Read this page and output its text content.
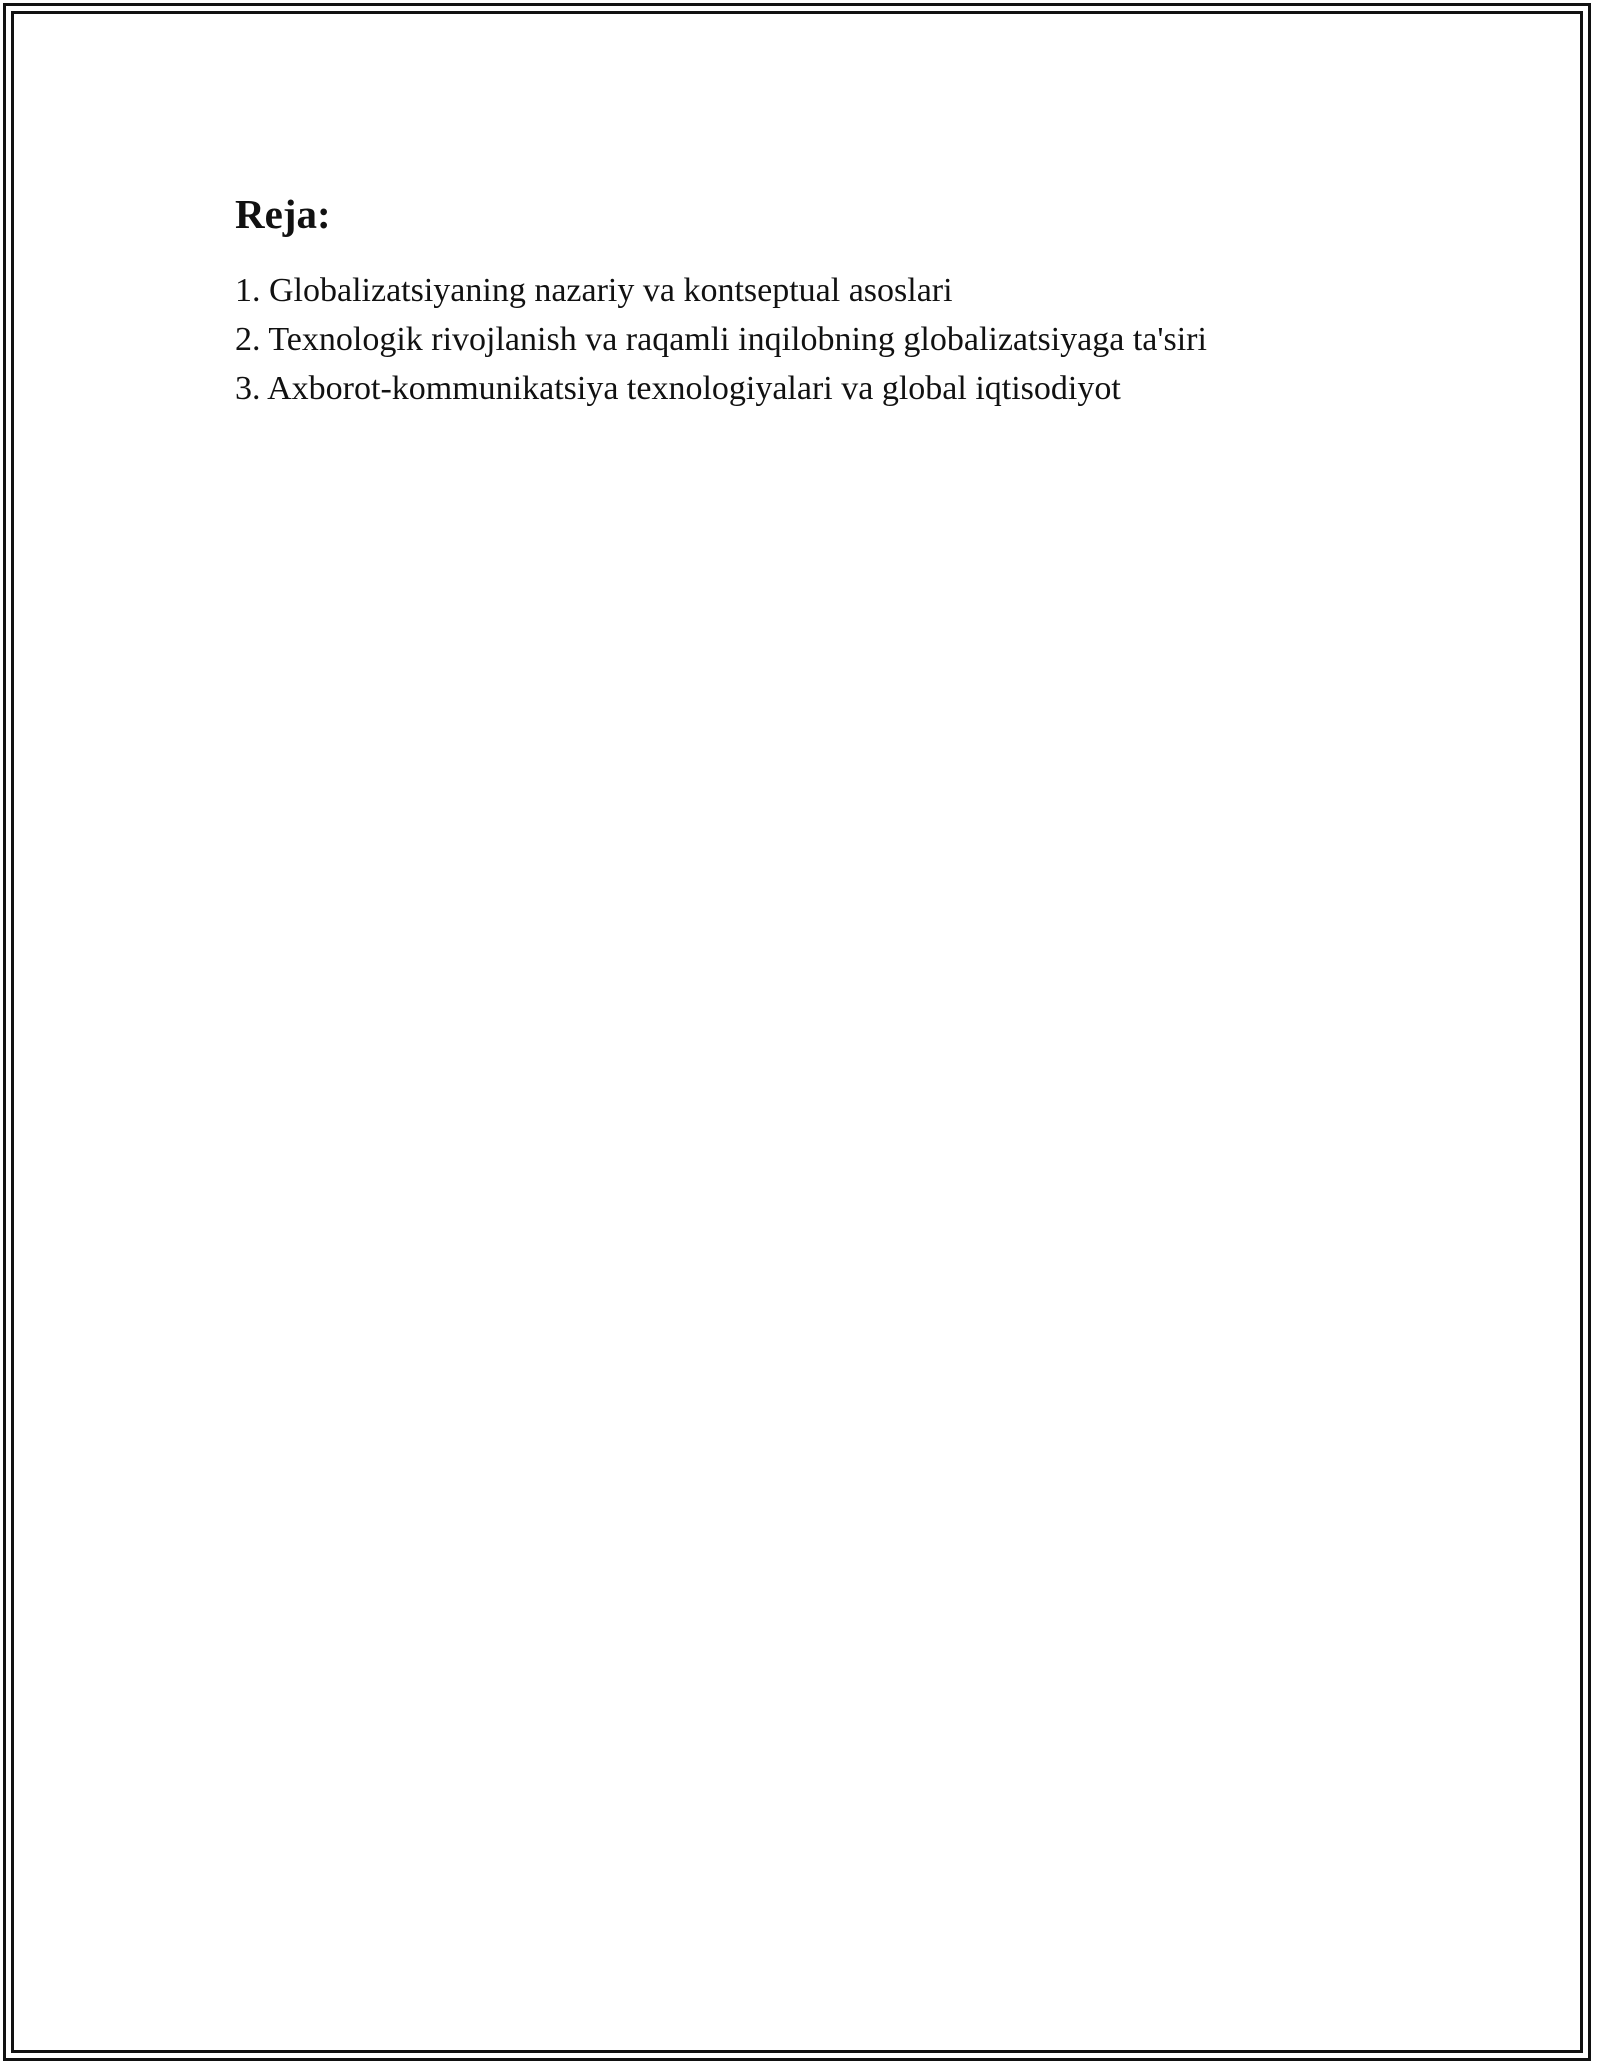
Reja:
1. Globalizatsiyaning nazariy va kontseptual asoslari
2. Texnologik rivojlanish va raqamli inqilobning globalizatsiyaga ta'siri
3. Axborot-kommunikatsiya texnologiyalari va global iqtisodiyot
